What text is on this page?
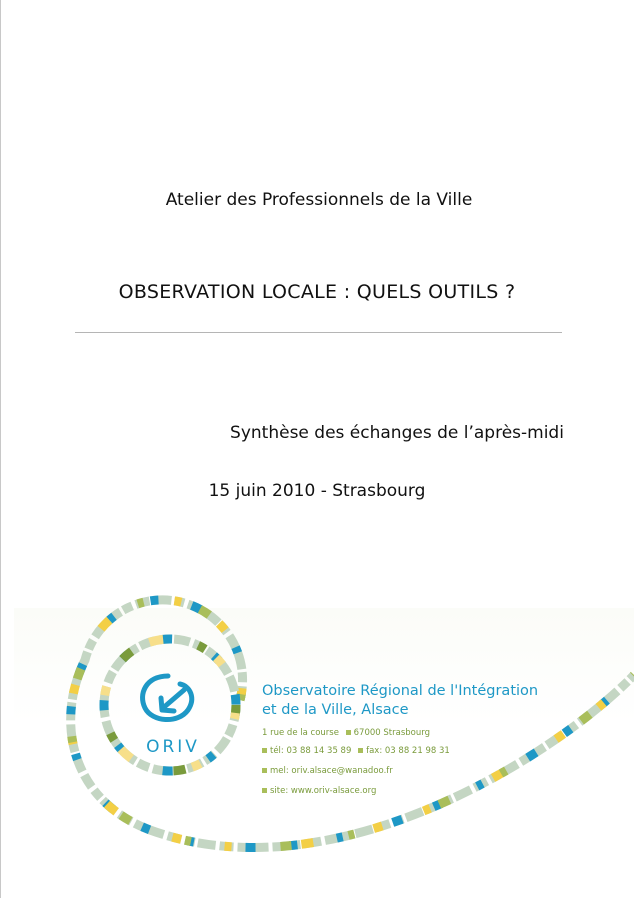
Atelier des Professionnels de la Ville

OBSERVATION LOCALE : QUELS OUTILS ?

Synthèse des échanges de l’après-midi

15 juin 2010 - Strasbourg

ORIV
Observatoire Régional de l'Intégration
et de la Ville, Alsace
1 rue de la course 67000 Strasbourg
tél: 03 88 14 35 89 fax: 03 88 21 98 31
mel: oriv.alsace@wanadoo.fr
site: www.oriv-alsace.org
